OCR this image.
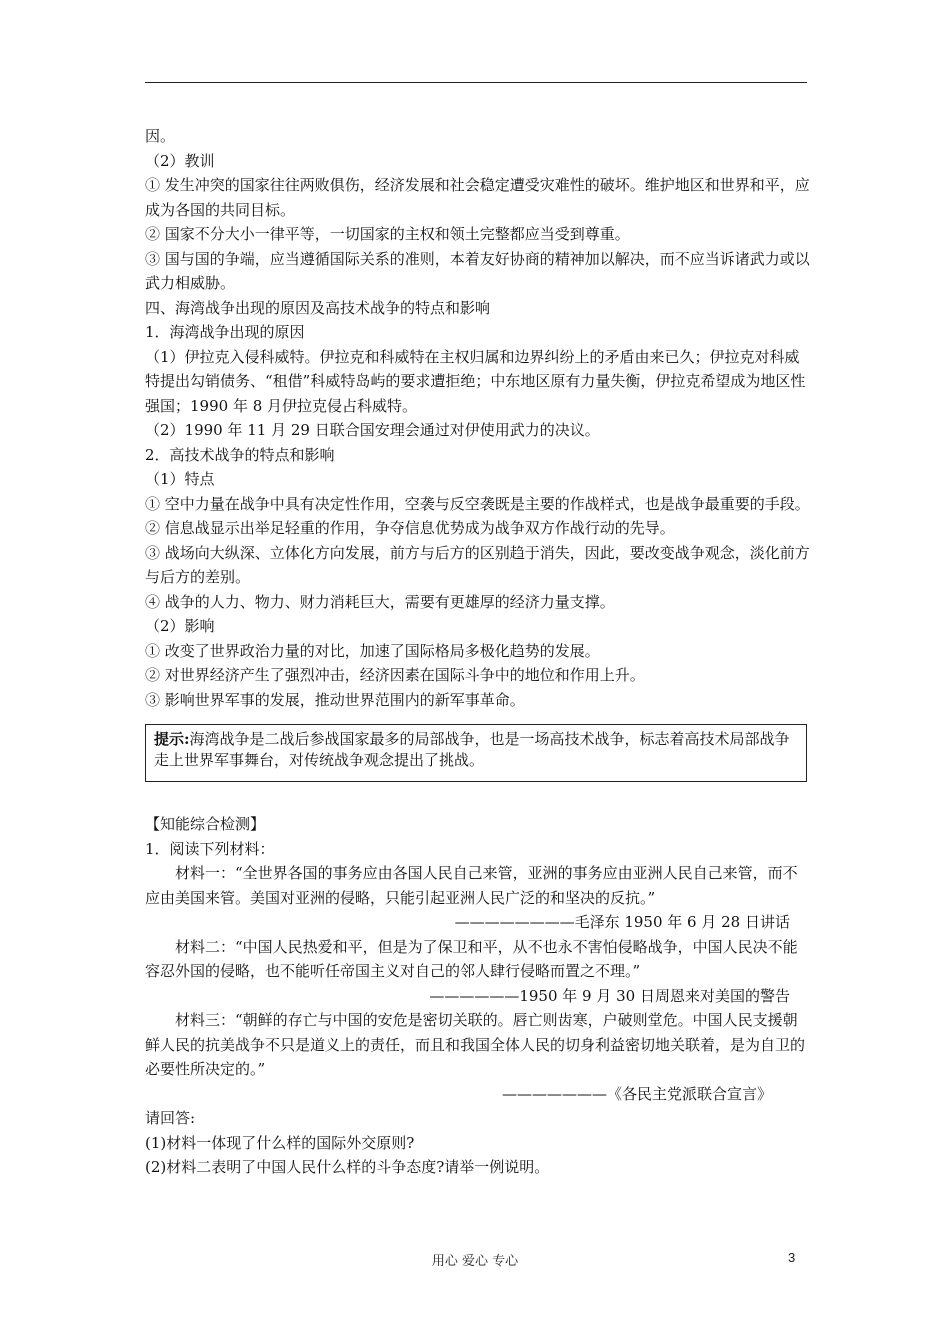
因。

（2）教训

① 发生冲突的国家往往两败俱伤，经济发展和社会稳定遭受灾难性的破坏。维护地区和世界和平，应成为各国的共同目标。

② 国家不分大小一律平等，一切国家的主权和领土完整都应当受到尊重。

③ 国与国的争端，应当遵循国际关系的准则，本着友好协商的精神加以解决，而不应当诉诸武力或以武力相威胁。

四、海湾战争出现的原因及高技术战争的特点和影响

1．海湾战争出现的原因

（1）伊拉克入侵科威特。伊拉克和科威特在主权归属和边界纠纷上的矛盾由来已久；伊拉克对科威特提出勾销债务、“租借”科威特岛屿的要求遭拒绝；中东地区原有力量失衡，伊拉克希望成为地区性强国；1990 年 8 月伊拉克侵占科威特。

（2）1990 年 11 月 29 日联合国安理会通过对伊使用武力的决议。

2．高技术战争的特点和影响

（1）特点

① 空中力量在战争中具有决定性作用，空袭与反空袭既是主要的作战样式，也是战争最重要的手段。

② 信息战显示出举足轻重的作用，争夺信息优势成为战争双方作战行动的先导。

③ 战场向大纵深、立体化方向发展，前方与后方的区别趋于消失，因此，要改变战争观念，淡化前方与后方的差别。

④ 战争的人力、物力、财力消耗巨大，需要有更雄厚的经济力量支撑。

（2）影响

① 改变了世界政治力量的对比，加速了国际格局多极化趋势的发展。

② 对世界经济产生了强烈冲击，经济因素在国际斗争中的地位和作用上升。

③ 影响世界军事的发展，推动世界范围内的新军事革命。

提示:海湾战争是二战后参战国家最多的局部战争，也是一场高技术战争，标志着高技术局部战争走上世界军事舞台，对传统战争观念提出了挑战。

【知能综合检测】

1．阅读下列材料：

材料一：“全世界各国的事务应由各国人民自己来管，亚洲的事务应由亚洲人民自己来管，而不应由美国来管。美国对亚洲的侵略，只能引起亚洲人民广泛的和坚决的反抗。”

————————毛泽东 1950 年 6 月 28 日讲话

材料二：“中国人民热爱和平，但是为了保卫和平，从不也永不害怕侵略战争，中国人民决不能容忍外国的侵略，也不能听任帝国主义对自己的邻人肆行侵略而置之不理。”

——————1950 年 9 月 30 日周恩来对美国的警告

材料三：“朝鲜的存亡与中国的安危是密切关联的。唇亡则齿寒，户破则堂危。中国人民支援朝鲜人民的抗美战争不只是道义上的责任，而且和我国全体人民的切身利益密切地关联着，是为自卫的必要性所决定的。”

———————《各民主党派联合宣言》

请回答:

(1)材料一体现了什么样的国际外交原则?

(2)材料二表明了中国人民什么样的斗争态度?请举一例说明。

用心 爱心 专心	3
